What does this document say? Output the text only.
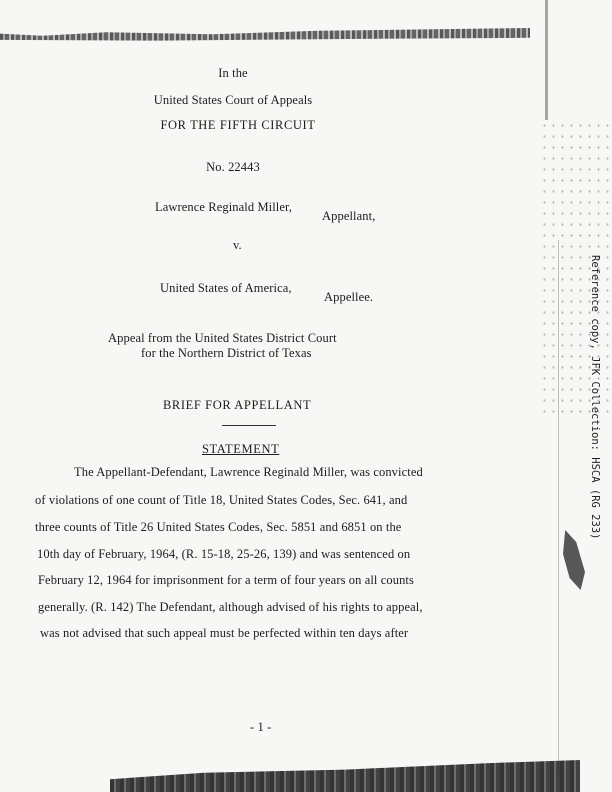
In the
United States Court of Appeals
FOR THE FIFTH CIRCUIT
No. 22443
Lawrence Reginald Miller,
Appellant,
v.
United States of America,
Appellee.
Appeal from the United States District Court
for the Northern District of Texas
BRIEF FOR APPELLANT
STATEMENT
The Appellant-Defendant, Lawrence Reginald Miller, was convicted
of violations of one count of Title 18, United States Codes, Sec. 641, and
three counts of Title 26 United States Codes, Sec. 5851 and 6851 on the
10th day of February, 1964, (R. 15-18, 25-26, 139) and was sentenced on
February 12, 1964 for imprisonment for a term of four years on all counts
generally. (R. 142) The Defendant, although advised of his rights to appeal,
was not advised that such appeal must be perfected within ten days after
- 1 -
Reference copy, JFK Collection: HSCA (RG 233)
